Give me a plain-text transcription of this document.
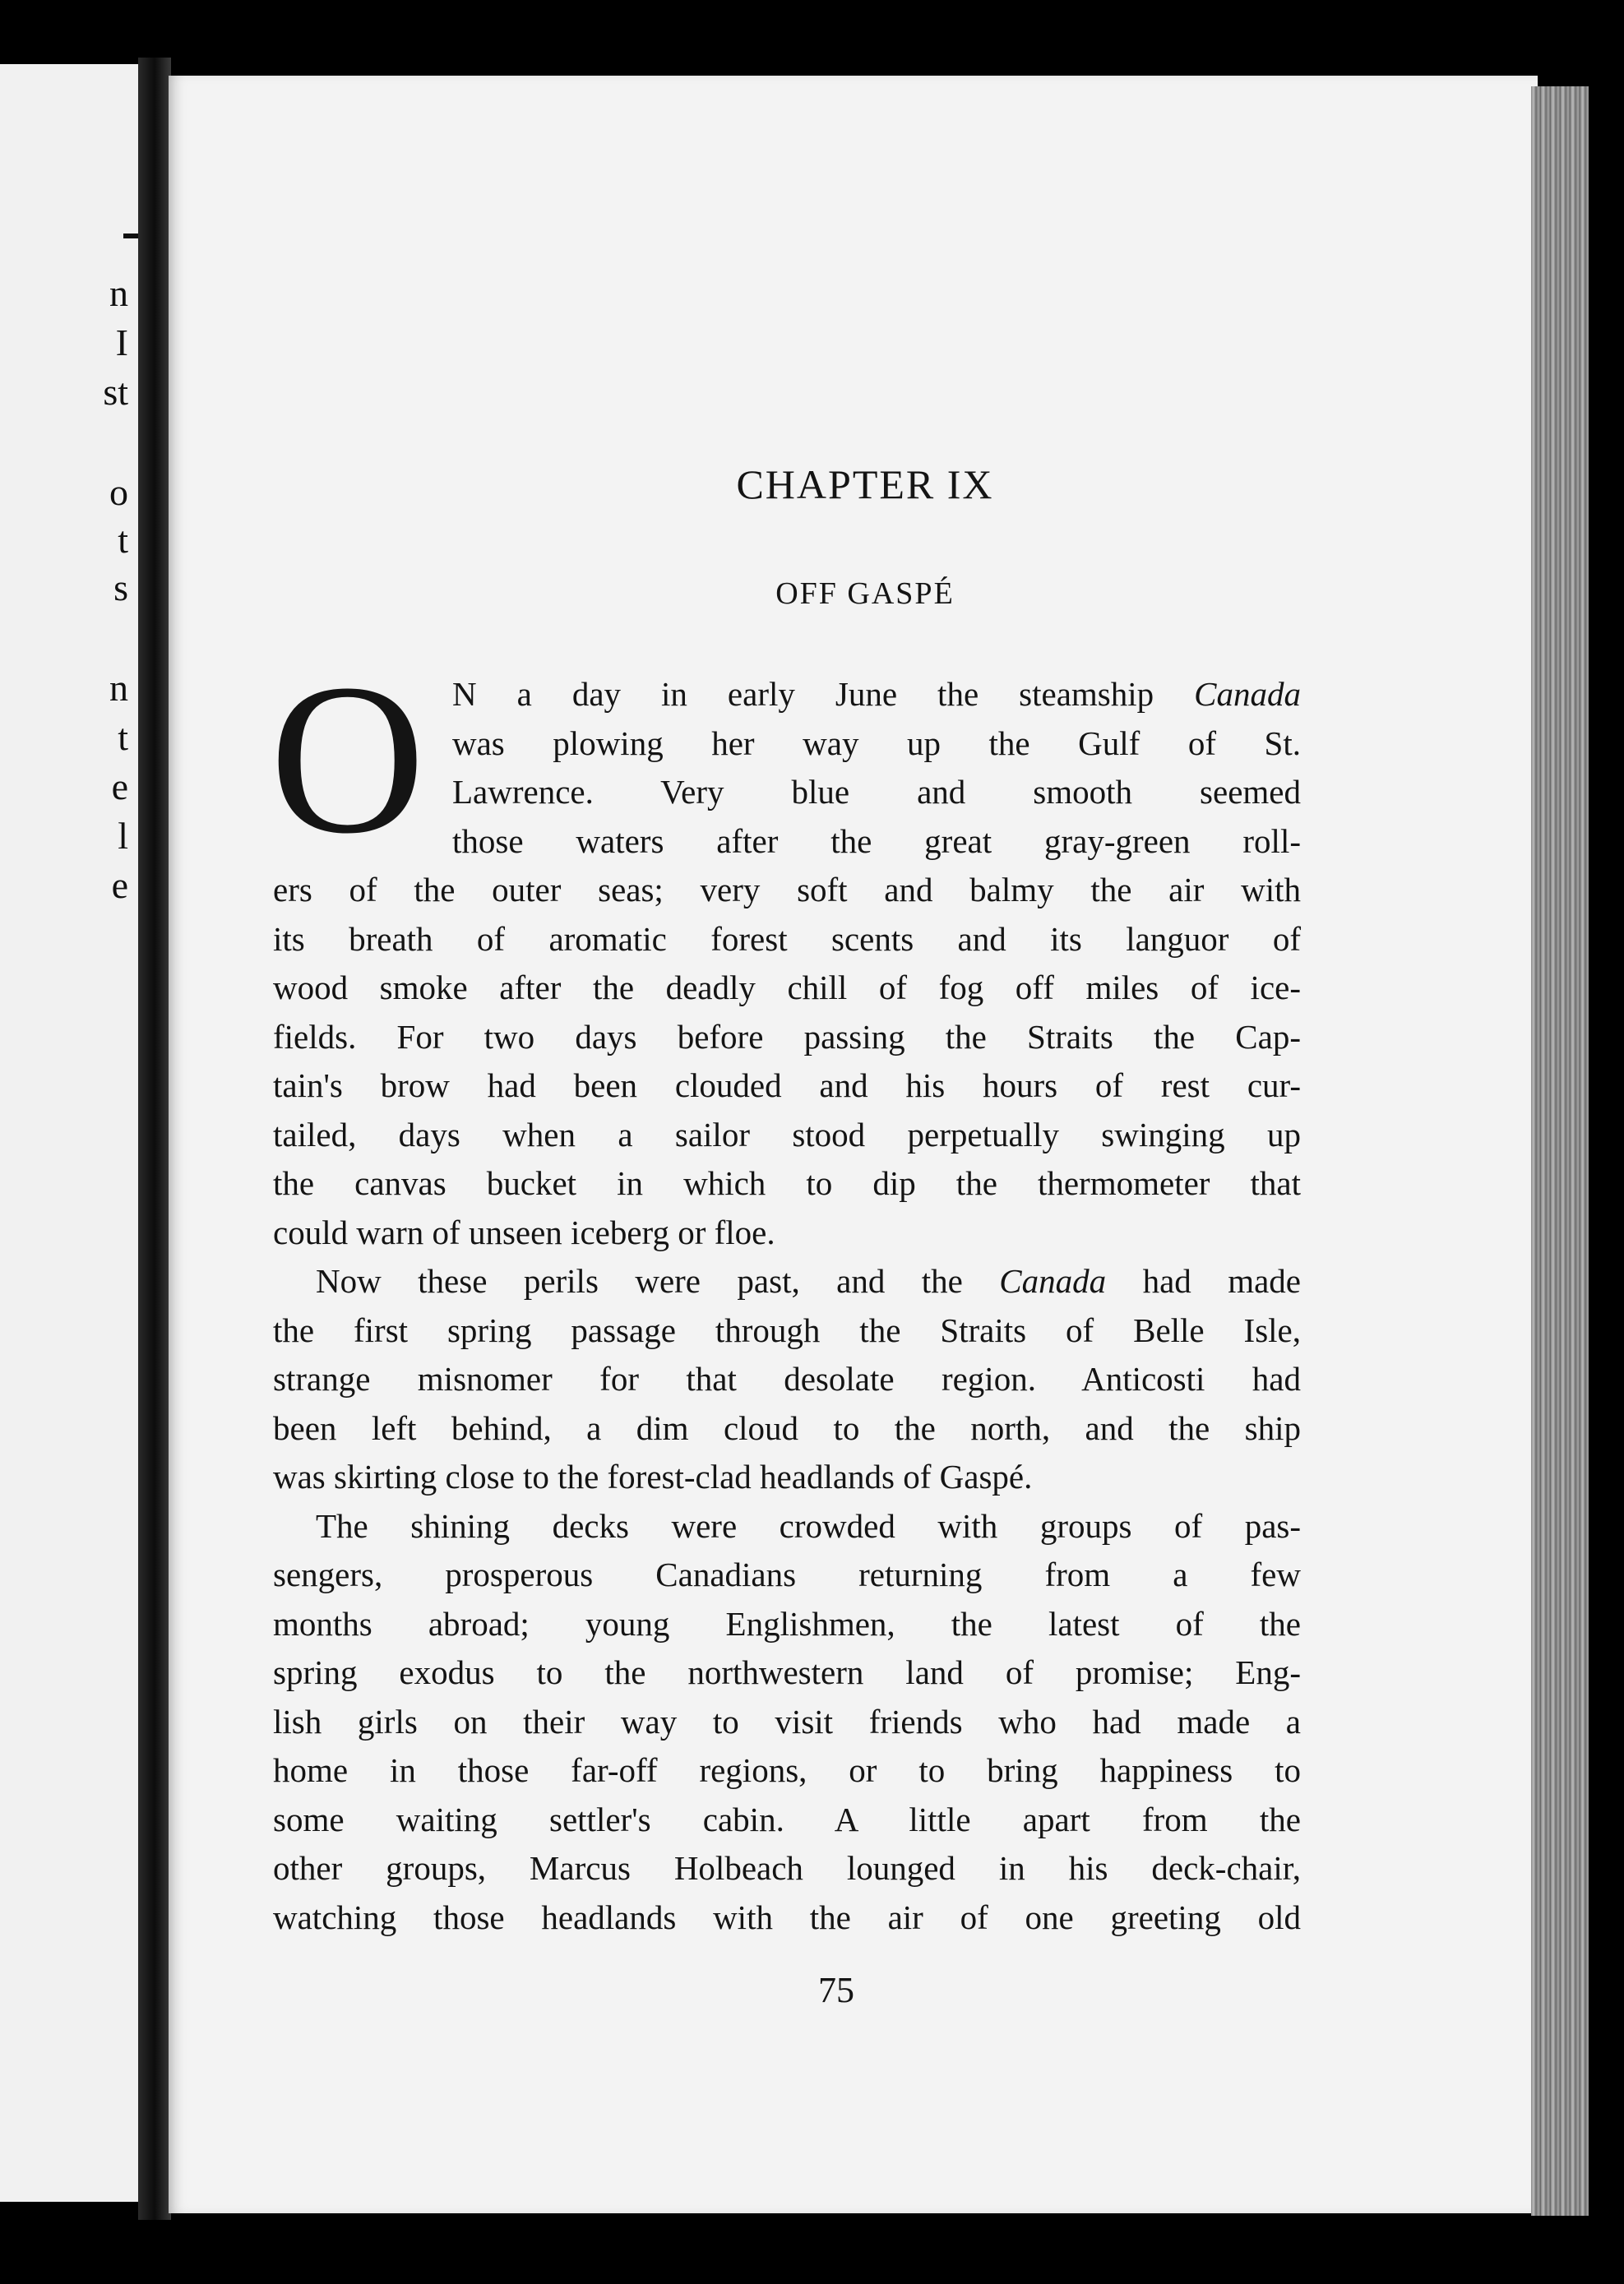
n
I
st
o
t
s
n
t
e
l
e
CHAPTER IX
OFF GASPÉ
O N a day in early June the steamship Canada

was plowing her way up the Gulf of St.

Lawrence. Very blue and smooth seemed

those waters after the great gray-green roll-

ers of the outer seas; very soft and balmy the air with

its breath of aromatic forest scents and its languor of

wood smoke after the deadly chill of fog off miles of ice-

fields. For two days before passing the Straits the Cap-

tain's brow had been clouded and his hours of rest cur-

tailed, days when a sailor stood perpetually swinging up

the canvas bucket in which to dip the thermometer that

could warn of unseen iceberg or floe.

Now these perils were past, and the Canada had made

the first spring passage through the Straits of Belle Isle,

strange misnomer for that desolate region. Anticosti had

been left behind, a dim cloud to the north, and the ship

was skirting close to the forest-clad headlands of Gaspé.

The shining decks were crowded with groups of pas-

sengers, prosperous Canadians returning from a few

months abroad; young Englishmen, the latest of the

spring exodus to the northwestern land of promise; Eng-

lish girls on their way to visit friends who had made a

home in those far-off regions, or to bring happiness to

some waiting settler's cabin. A little apart from the

other groups, Marcus Holbeach lounged in his deck-chair,

watching those headlands with the air of one greeting old

75
